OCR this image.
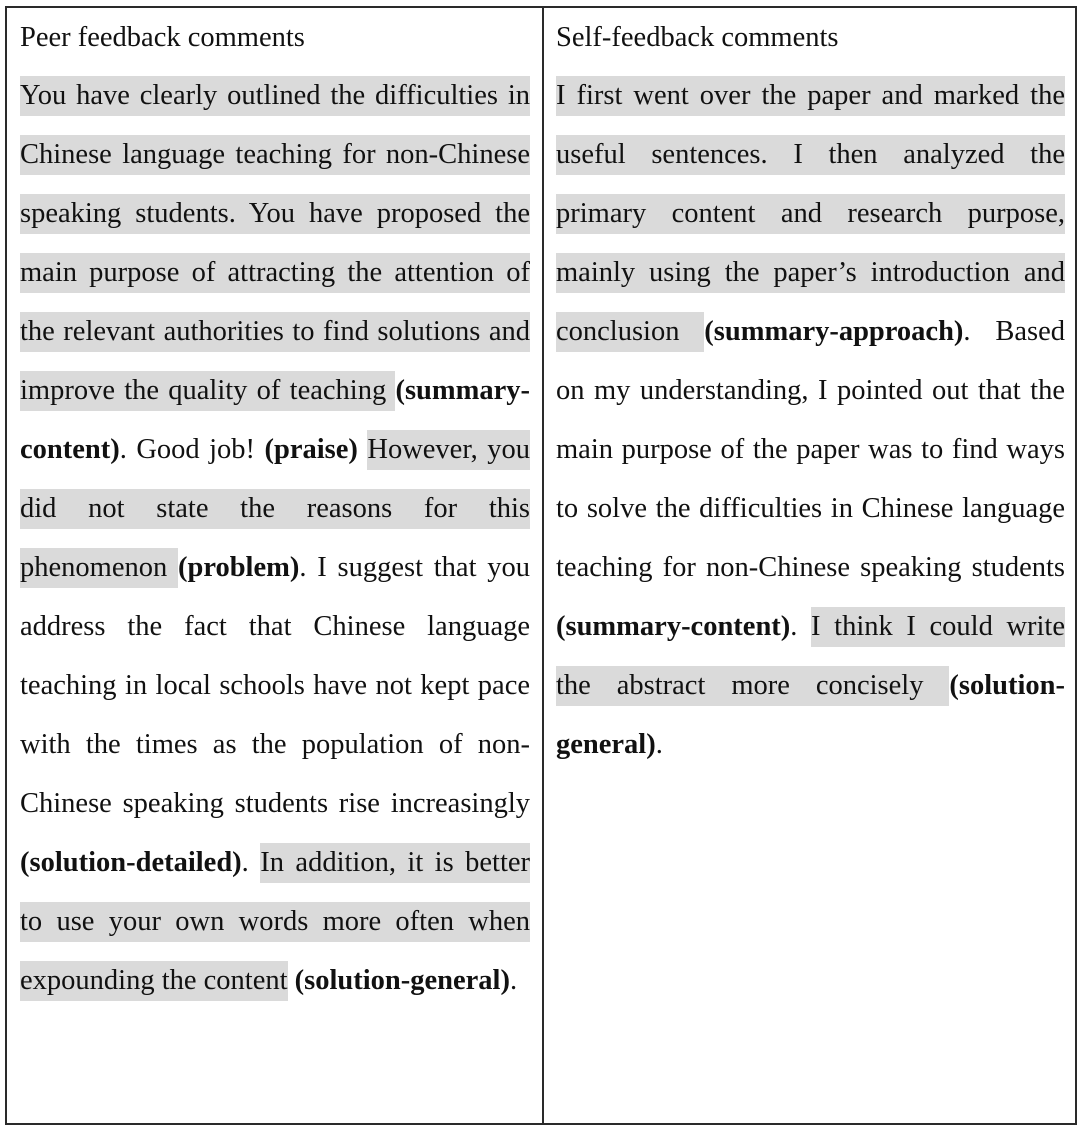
Peer feedback comments

You have clearly outlined the difficulties in Chinese language teaching for non-Chinese speaking students. You have proposed the main purpose of attracting the attention of the relevant authorities to find solutions and improve the quality of teaching (summary-content). Good job! (praise) However, you did not state the reasons for this phenomenon (problem). I suggest that you address the fact that Chinese language teaching in local schools have not kept pace with the times as the population of non-Chinese speaking students rise increasingly (solution-detailed). In addition, it is better to use your own words more often when expounding the content (solution-general).

Self-feedback comments

I first went over the paper and marked the useful sentences. I then analyzed the primary content and research purpose, mainly using the paper’s introduction and conclusion (summary-approach). Based on my understanding, I pointed out that the main purpose of the paper was to find ways to solve the difficulties in Chinese language teaching for non-Chinese speaking students (summary-content). I think I could write the abstract more concisely (solution-general).
